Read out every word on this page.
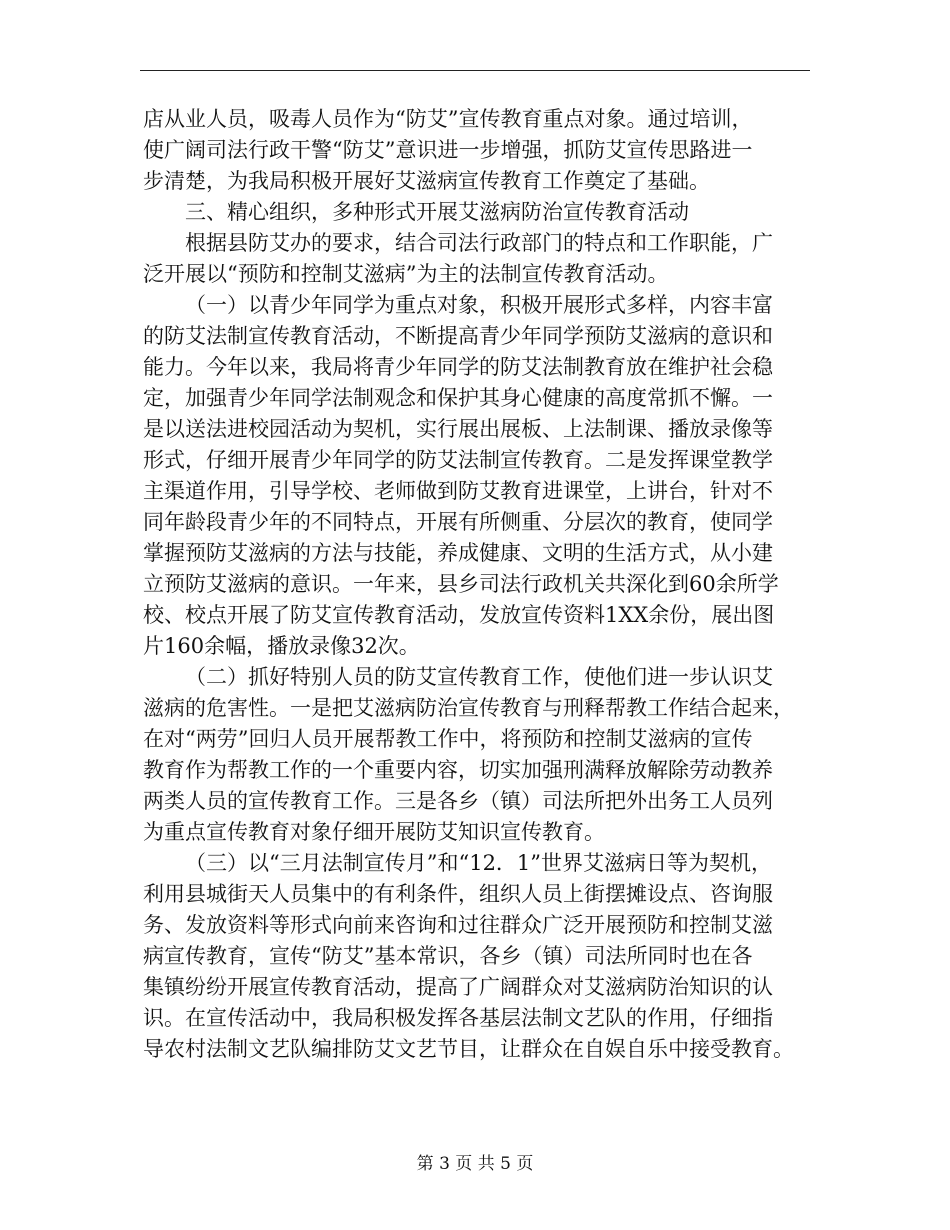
店从业人员，吸毒人员作为“防艾”宣传教育重点对象。通过培训，
使广阔司法行政干警“防艾”意识进一步增强，抓防艾宣传思路进一
步清楚，为我局积极开展好艾滋病宣传教育工作奠定了基础。
三、精心组织，多种形式开展艾滋病防治宣传教育活动
根据县防艾办的要求，结合司法行政部门的特点和工作职能，广
泛开展以“预防和控制艾滋病”为主的法制宣传教育活动。
（一）以青少年同学为重点对象，积极开展形式多样，内容丰富
的防艾法制宣传教育活动，不断提高青少年同学预防艾滋病的意识和
能力。今年以来，我局将青少年同学的防艾法制教育放在维护社会稳
定，加强青少年同学法制观念和保护其身心健康的高度常抓不懈。一
是以送法进校园活动为契机，实行展出展板、上法制课、播放录像等
形式，仔细开展青少年同学的防艾法制宣传教育。二是发挥课堂教学
主渠道作用，引导学校、老师做到防艾教育进课堂，上讲台，针对不
同年龄段青少年的不同特点，开展有所侧重、分层次的教育，使同学
掌握预防艾滋病的方法与技能，养成健康、文明的生活方式，从小建
立预防艾滋病的意识。一年来，县乡司法行政机关共深化到60余所学
校、校点开展了防艾宣传教育活动，发放宣传资料1XX余份，展出图
片160余幅，播放录像32次。
（二）抓好特别人员的防艾宣传教育工作，使他们进一步认识艾
滋病的危害性。一是把艾滋病防治宣传教育与刑释帮教工作结合起来，
在对“两劳”回归人员开展帮教工作中，将预防和控制艾滋病的宣传
教育作为帮教工作的一个重要内容，切实加强刑满释放解除劳动教养
两类人员的宣传教育工作。三是各乡（镇）司法所把外出务工人员列
为重点宣传教育对象仔细开展防艾知识宣传教育。
（三）以“三月法制宣传月”和“12．1”世界艾滋病日等为契机，
利用县城街天人员集中的有利条件，组织人员上街摆摊设点、咨询服
务、发放资料等形式向前来咨询和过往群众广泛开展预防和控制艾滋
病宣传教育，宣传“防艾”基本常识，各乡（镇）司法所同时也在各
集镇纷纷开展宣传教育活动，提高了广阔群众对艾滋病防治知识的认
识。在宣传活动中，我局积极发挥各基层法制文艺队的作用，仔细指
导农村法制文艺队编排防艾文艺节目，让群众在自娱自乐中接受教育。
第 3 页 共 5 页
